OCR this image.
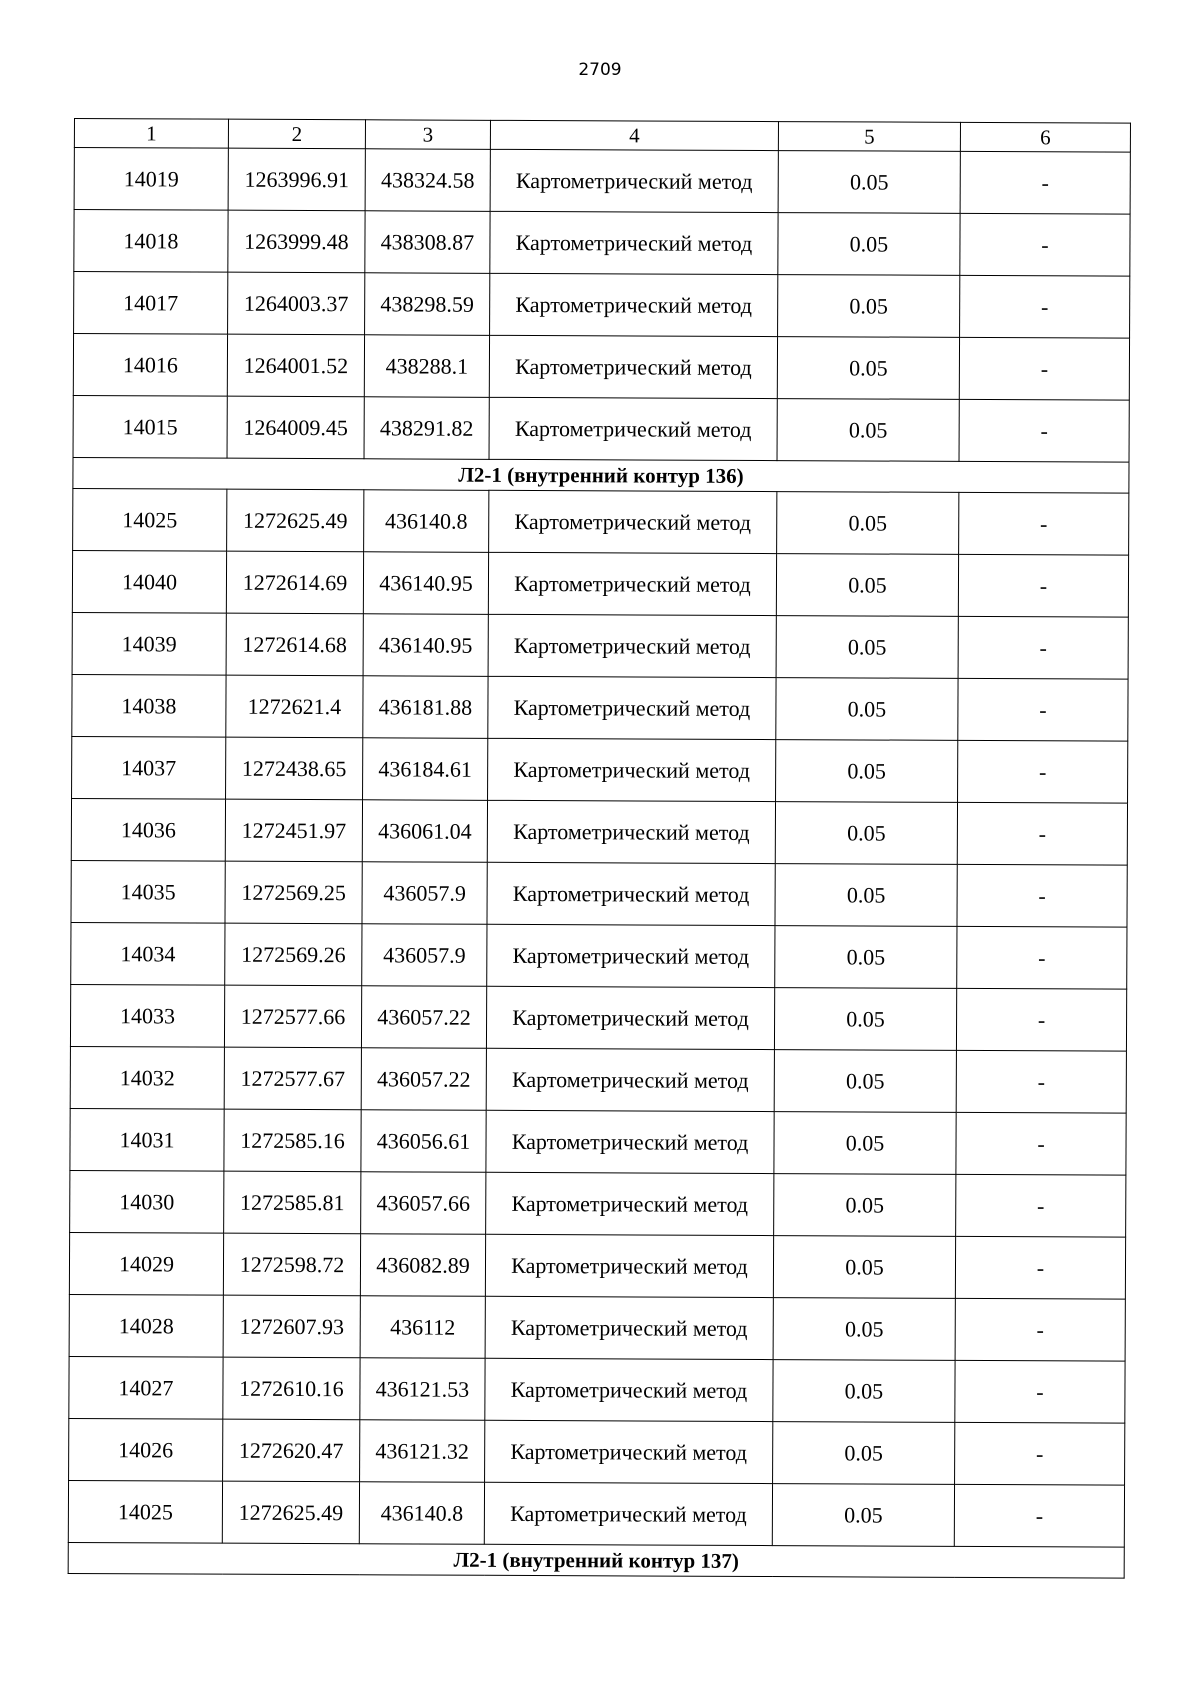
2709
1	2	3	4	5	6
14019	1263996.91	438324.58	Картометрический метод	0.05	-
14018	1263999.48	438308.87	Картометрический метод	0.05	-
14017	1264003.37	438298.59	Картометрический метод	0.05	-
14016	1264001.52	438288.1	Картометрический метод	0.05	-
14015	1264009.45	438291.82	Картометрический метод	0.05	-
Л2-1 (внутренний контур 136)					
14025	1272625.49	436140.8	Картометрический метод	0.05	-
14040	1272614.69	436140.95	Картометрический метод	0.05	-
14039	1272614.68	436140.95	Картометрический метод	0.05	-
14038	1272621.4	436181.88	Картометрический метод	0.05	-
14037	1272438.65	436184.61	Картометрический метод	0.05	-
14036	1272451.97	436061.04	Картометрический метод	0.05	-
14035	1272569.25	436057.9	Картометрический метод	0.05	-
14034	1272569.26	436057.9	Картометрический метод	0.05	-
14033	1272577.66	436057.22	Картометрический метод	0.05	-
14032	1272577.67	436057.22	Картометрический метод	0.05	-
14031	1272585.16	436056.61	Картометрический метод	0.05	-
14030	1272585.81	436057.66	Картометрический метод	0.05	-
14029	1272598.72	436082.89	Картометрический метод	0.05	-
14028	1272607.93	436112	Картометрический метод	0.05	-
14027	1272610.16	436121.53	Картометрический метод	0.05	-
14026	1272620.47	436121.32	Картометрический метод	0.05	-
14025	1272625.49	436140.8	Картометрический метод	0.05	-
Л2-1 (внутренний контур 137)					
